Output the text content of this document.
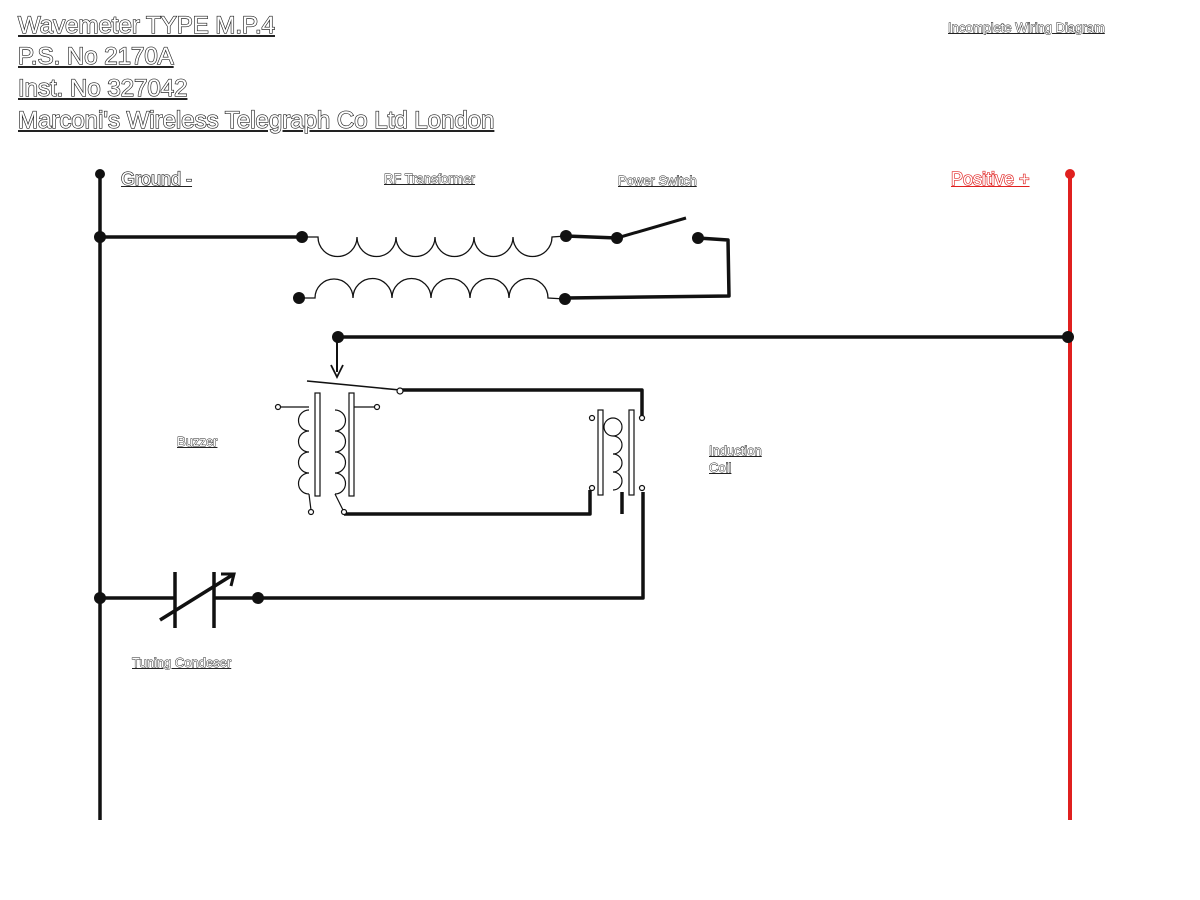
Wavemeter TYPE M.P.4
P.S. No 2170A
Inst. No 327042
Marconi's Wireless Telegraph Co Ltd London
Incomplete Wiring Diagram
Ground -	Positive +
RF Transformer	Power Switch
Buzzer
Induction
Coil
Tuning Condeser
